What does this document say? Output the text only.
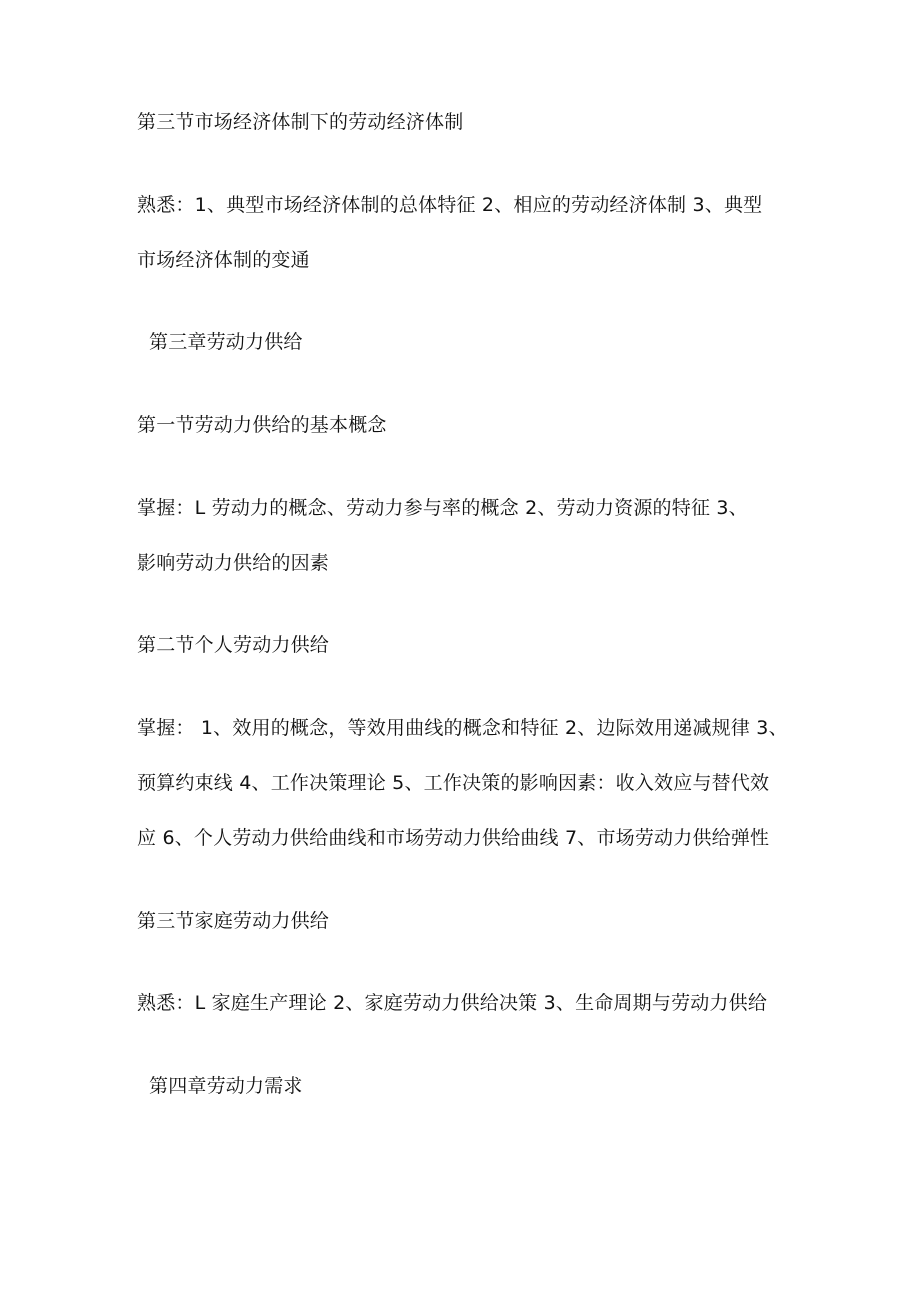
第三节市场经济体制下的劳动经济体制
熟悉：1、典型市场经济体制的总体特征 2、相应的劳动经济体制 3、典型
市场经济体制的变通
第三章劳动力供给
第一节劳动力供给的基本概念
掌握：L 劳动力的概念、劳动力参与率的概念 2、劳动力资源的特征 3、
影响劳动力供给的因素
第二节个人劳动力供给
掌握： 1、效用的概念，等效用曲线的概念和特征 2、边际效用递减规律 3、
预算约束线 4、工作决策理论 5、工作决策的影响因素：收入效应与替代效
应 6、个人劳动力供给曲线和市场劳动力供给曲线 7、市场劳动力供给弹性
第三节家庭劳动力供给
熟悉：L 家庭生产理论 2、家庭劳动力供给决策 3、生命周期与劳动力供给
第四章劳动力需求
